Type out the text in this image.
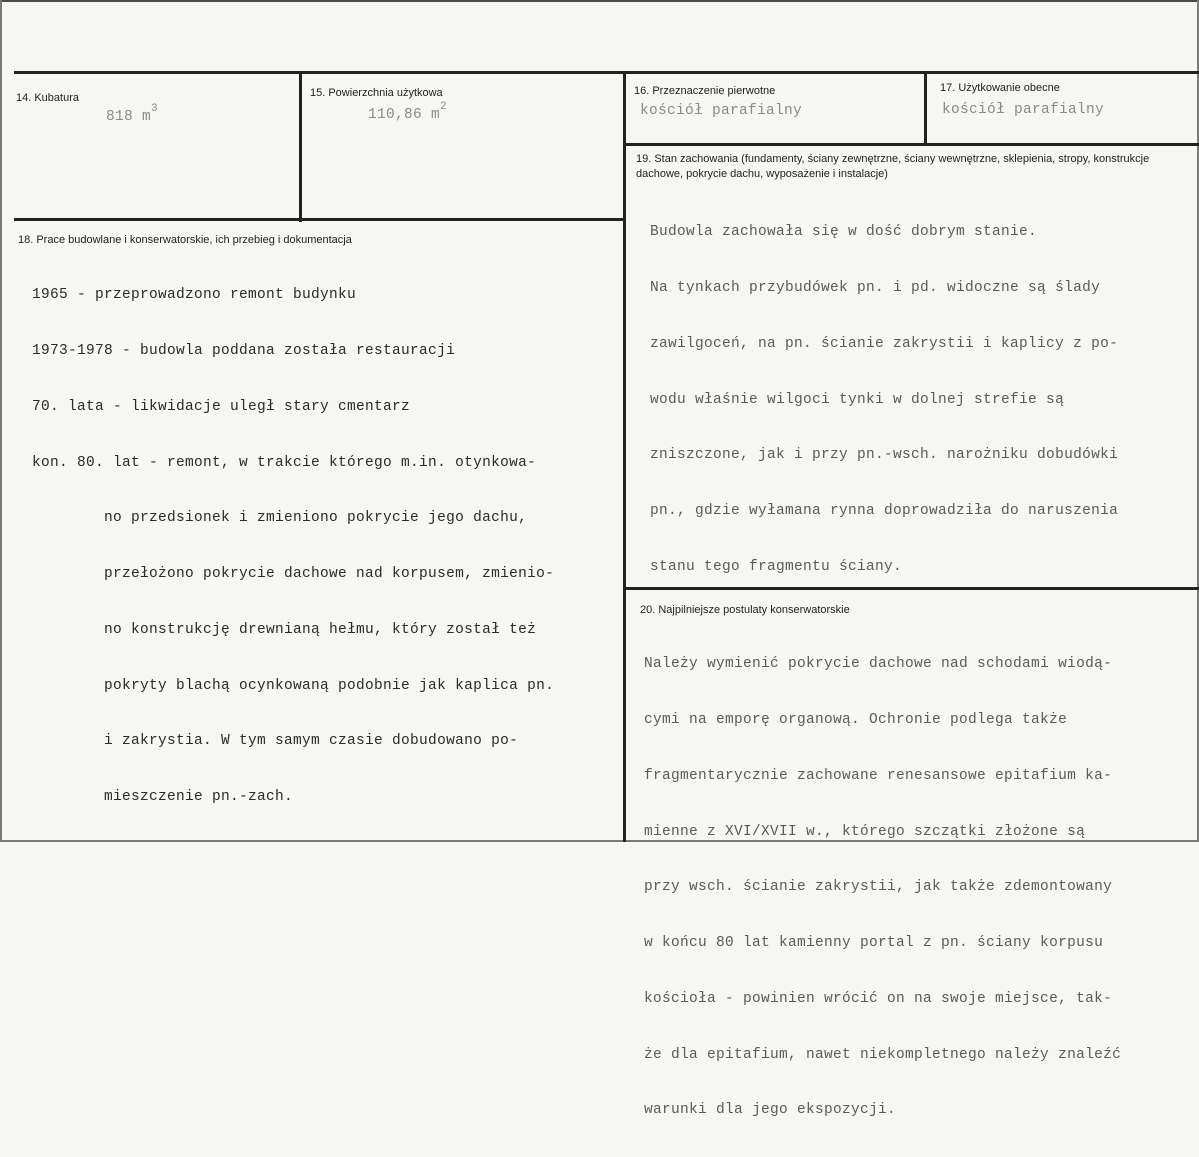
14. Kubatura
818 $m^3$
15. Powierzchnia użytkowa
110,86 $m^2$
16. Przeznaczenie pierwotne
kościół parafialny
17. Użytkowanie obecne
kościół parafialny
18. Prace budowlane i konserwatorskie, ich przebieg i dokumentacja

1965 - przeprowadzono remont budynku

1973-1978 - budowla poddana została restauracji

70. lata - likwidacje uległ stary cmentarz

kon. 80. lat - remont, w trakcie którego m.in. otynkowa-

no przedsionek i zmieniono pokrycie jego dachu,

przełożono pokrycie dachowe nad korpusem, zmienio-

no konstrukcję drewnianą hełmu, który został też

pokryty blachą ocynkowaną podobnie jak kaplica pn.

i zakrystia. W tym samym czasie dobudowano po-

mieszczenie pn.-zach.

19. Stan zachowania (fundamenty, ściany zewnętrzne, ściany wewnętrzne, sklepienia, stropy, konstrukcje dachowe, pokrycie dachu, wyposażenie i instalacje)

Budowla zachowała się w dość dobrym stanie.

Na tynkach przybudówek pn. i pd. widoczne są ślady

zawilgoceń, na pn. ścianie zakrystii i kaplicy z po-

wodu właśnie wilgoci tynki w dolnej strefie są

zniszczone, jak i przy pn.-wsch. narożniku dobudówki

pn., gdzie wyłamana rynna doprowadziła do naruszenia

stanu tego fragmentu ściany.

20. Najpilniejsze postulaty konserwatorskie

Należy wymienić pokrycie dachowe nad schodami wiodą-

cymi na emporę organową. Ochronie podlega także

fragmentarycznie zachowane renesansowe epitafium ka-

mienne z XVI/XVII w., którego szczątki złożone są

przy wsch. ścianie zakrystii, jak także zdemontowany

w końcu 80 lat kamienny portal z pn. ściany korpusu

kościoła - powinien wrócić on na swoje miejsce, tak-

że dla epitafium, nawet niekompletnego należy znaleźć

warunki dla jego ekspozycji.
